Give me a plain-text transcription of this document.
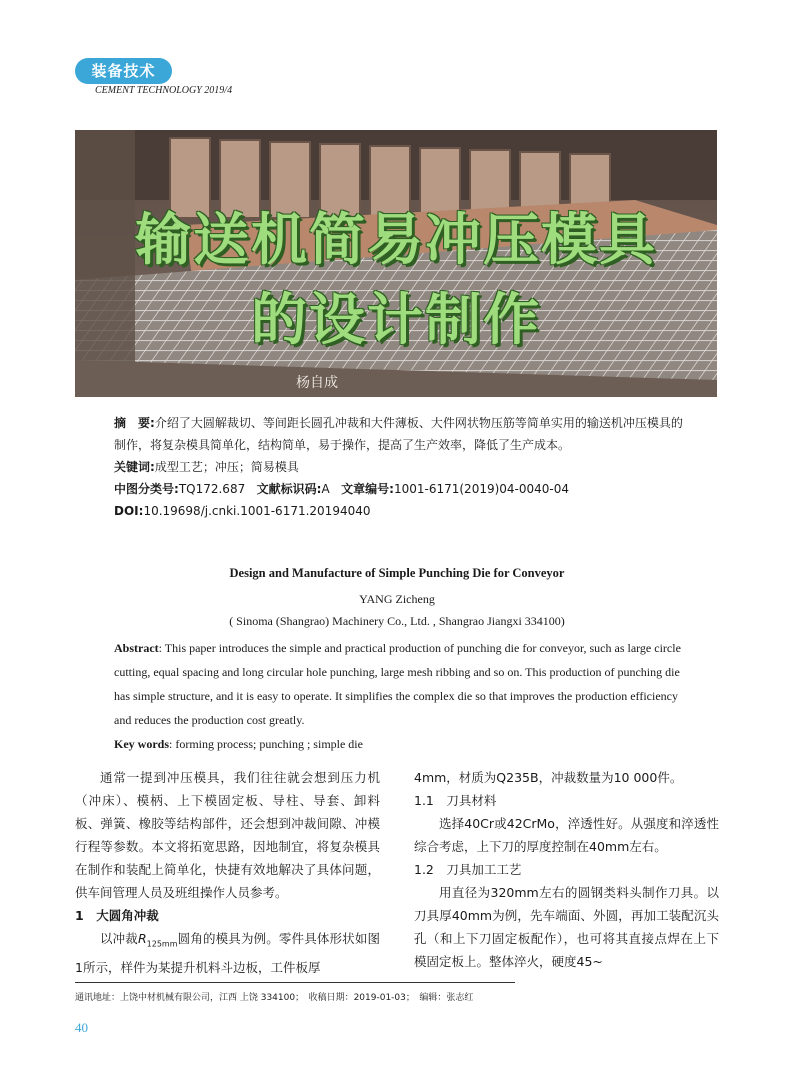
装备技术
CEMENT TECHNOLOGY 2019/4
输送机简易冲压模具
的设计制作
杨自成
摘　要:介绍了大圆解裁切、等间距长圆孔冲裁和大件薄板、大件网状物压筋等简单实用的输送机冲压模具的制作，将复杂模具简单化，结构简单，易于操作，提高了生产效率，降低了生产成本。
关键词:成型工艺；冲压；简易模具
中图分类号:TQ172.687 文献标识码:A 文章编号:1001-6171(2019)04-0040-04
DOI:10.19698/j.cnki.1001-6171.20194040
Design and Manufacture of Simple Punching Die for Conveyor
YANG Zicheng
( Sinoma (Shangrao) Machinery Co., Ltd. , Shangrao Jiangxi 334100)
Abstract: This paper introduces the simple and practical production of punching die for conveyor, such as large circle cutting, equal spacing and long circular hole punching, large mesh ribbing and so on. This production of punching die has simple structure, and it is easy to operate. It simplifies the complex die so that improves the production efficiency and reduces the production cost greatly.
Key words: forming process; punching ; simple die

通常一提到冲压模具，我们往往就会想到压力机（冲床）、模柄、上下模固定板、导柱、导套、卸料板、弹簧、橡胶等结构部件，还会想到冲裁间隙、冲模行程等参数。本文将拓宽思路，因地制宜，将复杂模具在制作和装配上简单化，快捷有效地解决了具体问题，供车间管理人员及班组操作人员参考。

1　大圆角冲裁

以冲裁$R_{125mm}$圆角的模具为例。零件具体形状如图1所示，样件为某提升机料斗边板，工件板厚

4mm，材质为Q235B，冲裁数量为10 000件。

1.1　刀具材料

选择40Cr或42CrMo，淬透性好。从强度和淬透性综合考虑，上下刀的厚度控制在40mm左右。

1.2　刀具加工工艺

用直径为320mm左右的圆钢类料头制作刀具。以刀具厚40mm为例，先车端面、外圆，再加工装配沉头孔（和上下刀固定板配作），也可将其直接点焊在上下模固定板上。整体淬火，硬度45~

通讯地址：上饶中材机械有限公司，江西 上饶 334100；　收稿日期：2019-01-03；　编辑：张志红
40
